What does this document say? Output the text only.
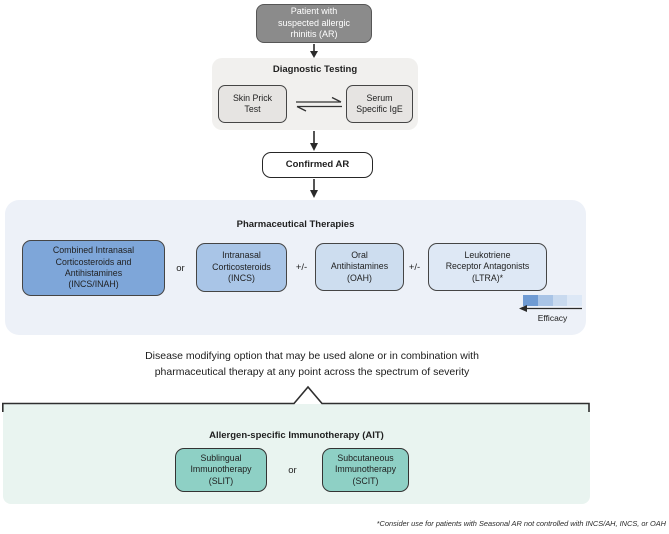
Patient with
suspected allergic
rhinitis (AR)
Diagnostic Testing
Skin Prick
Test	⇌	Serum
Specific IgE
Confirmed AR
Pharmaceutical Therapies
Combined Intranasal
Corticosteroids and
Antihistamines
(INCS/INAH)
or
Intranasal
Corticosteroids
(INCS)
+/-
Oral
Antihistamines
(OAH)
+/-
Leukotriene
Receptor Antagonists
(LTRA)*
Efficacy
Disease modifying option that may be used alone or in combination with
pharmaceutical therapy at any point across the spectrum of severity
Allergen-specific Immunotherapy (AIT)
Sublingual
Immunotherapy
(SLIT)
or
Subcutaneous
Immunotherapy
(SCIT)
*Consider use for patients with Seasonal AR not controlled with INCS/AH, INCS, or OAH
